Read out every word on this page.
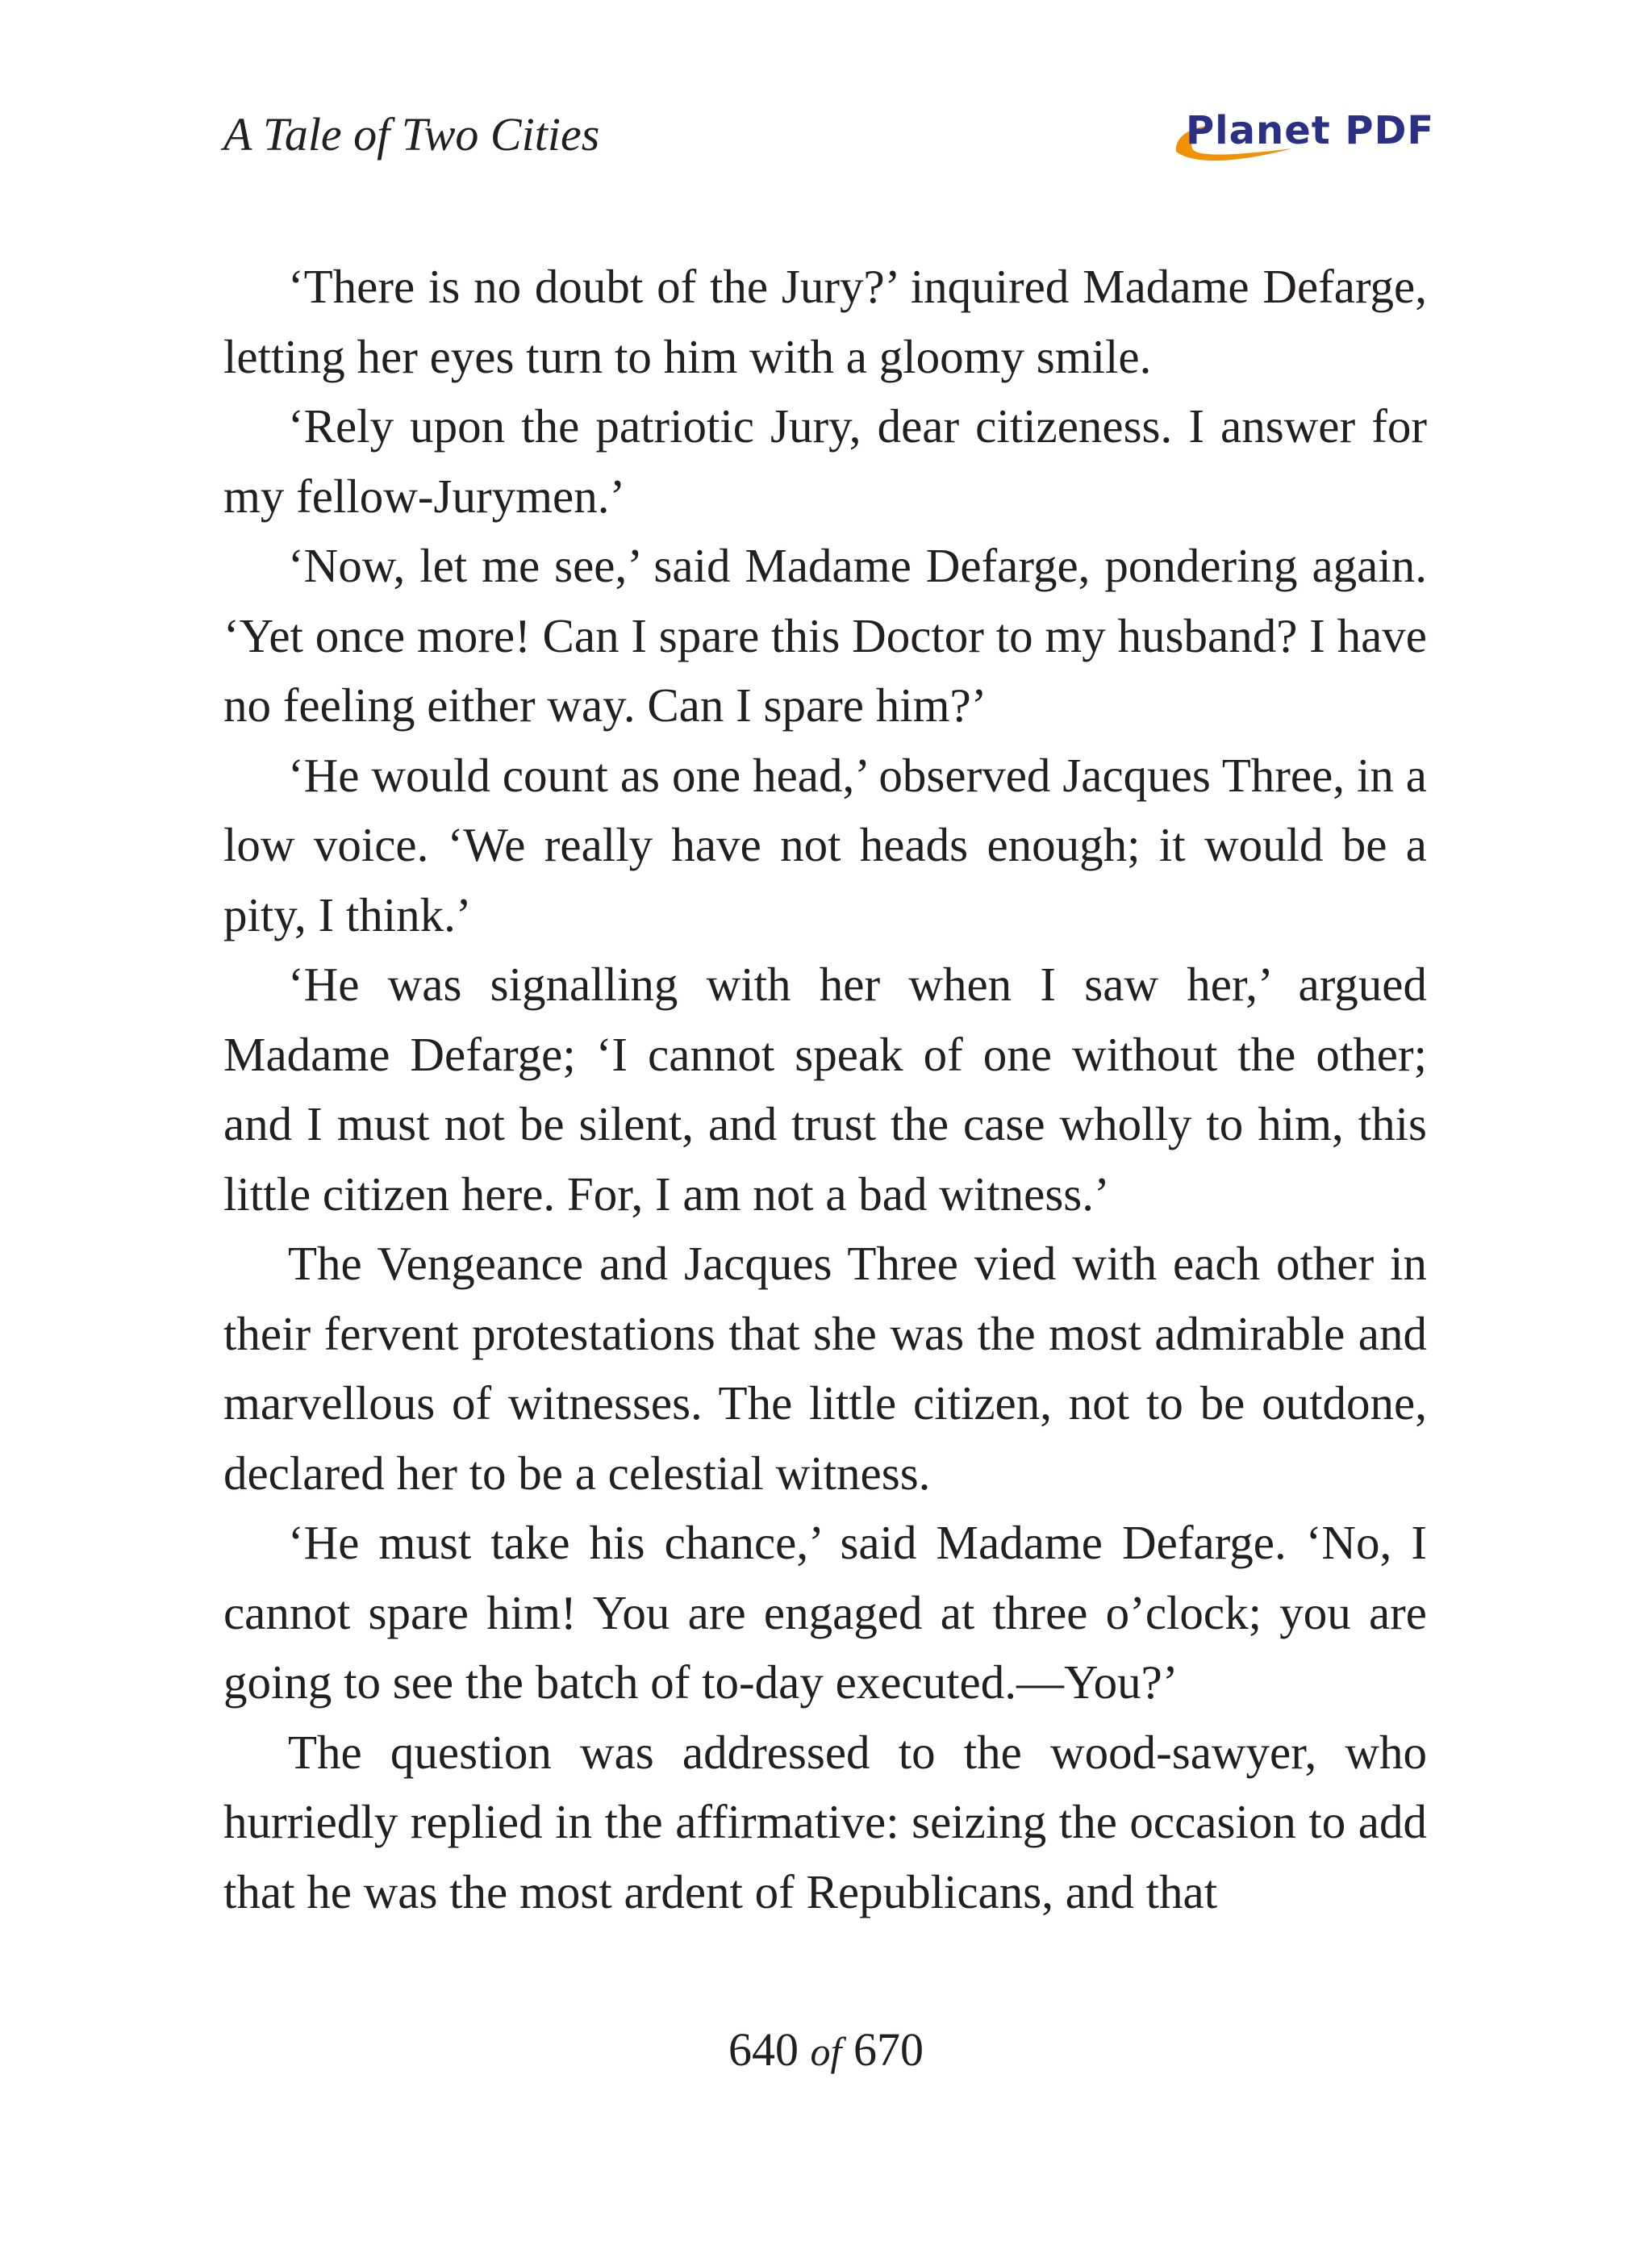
A Tale of Two Cities	Planet PDF

‘There is no doubt of the Jury?’ inquired Madame Defarge, letting her eyes turn to him with a gloomy smile.

‘Rely upon the patriotic Jury, dear citizeness. I answer for my fellow-Jurymen.’

‘Now, let me see,’ said Madame Defarge, pondering again. ‘Yet once more! Can I spare this Doctor to my husband? I have no feeling either way. Can I spare him?’

‘He would count as one head,’ observed Jacques Three, in a low voice. ‘We really have not heads enough; it would be a pity, I think.’

‘He was signalling with her when I saw her,’ argued Madame Defarge; ‘I cannot speak of one without the other; and I must not be silent, and trust the case wholly to him, this little citizen here. For, I am not a bad witness.’

The Vengeance and Jacques Three vied with each other in their fervent protestations that she was the most admirable and marvellous of witnesses. The little citizen, not to be outdone, declared her to be a celestial witness.

‘He must take his chance,’ said Madame Defarge. ‘No, I cannot spare him! You are engaged at three o’clock; you are going to see the batch of to-day executed.—You?’

The question was addressed to the wood-sawyer, who hurriedly replied in the affirmative: seizing the occasion to add that he was the most ardent of Republicans, and that

640 of 670
